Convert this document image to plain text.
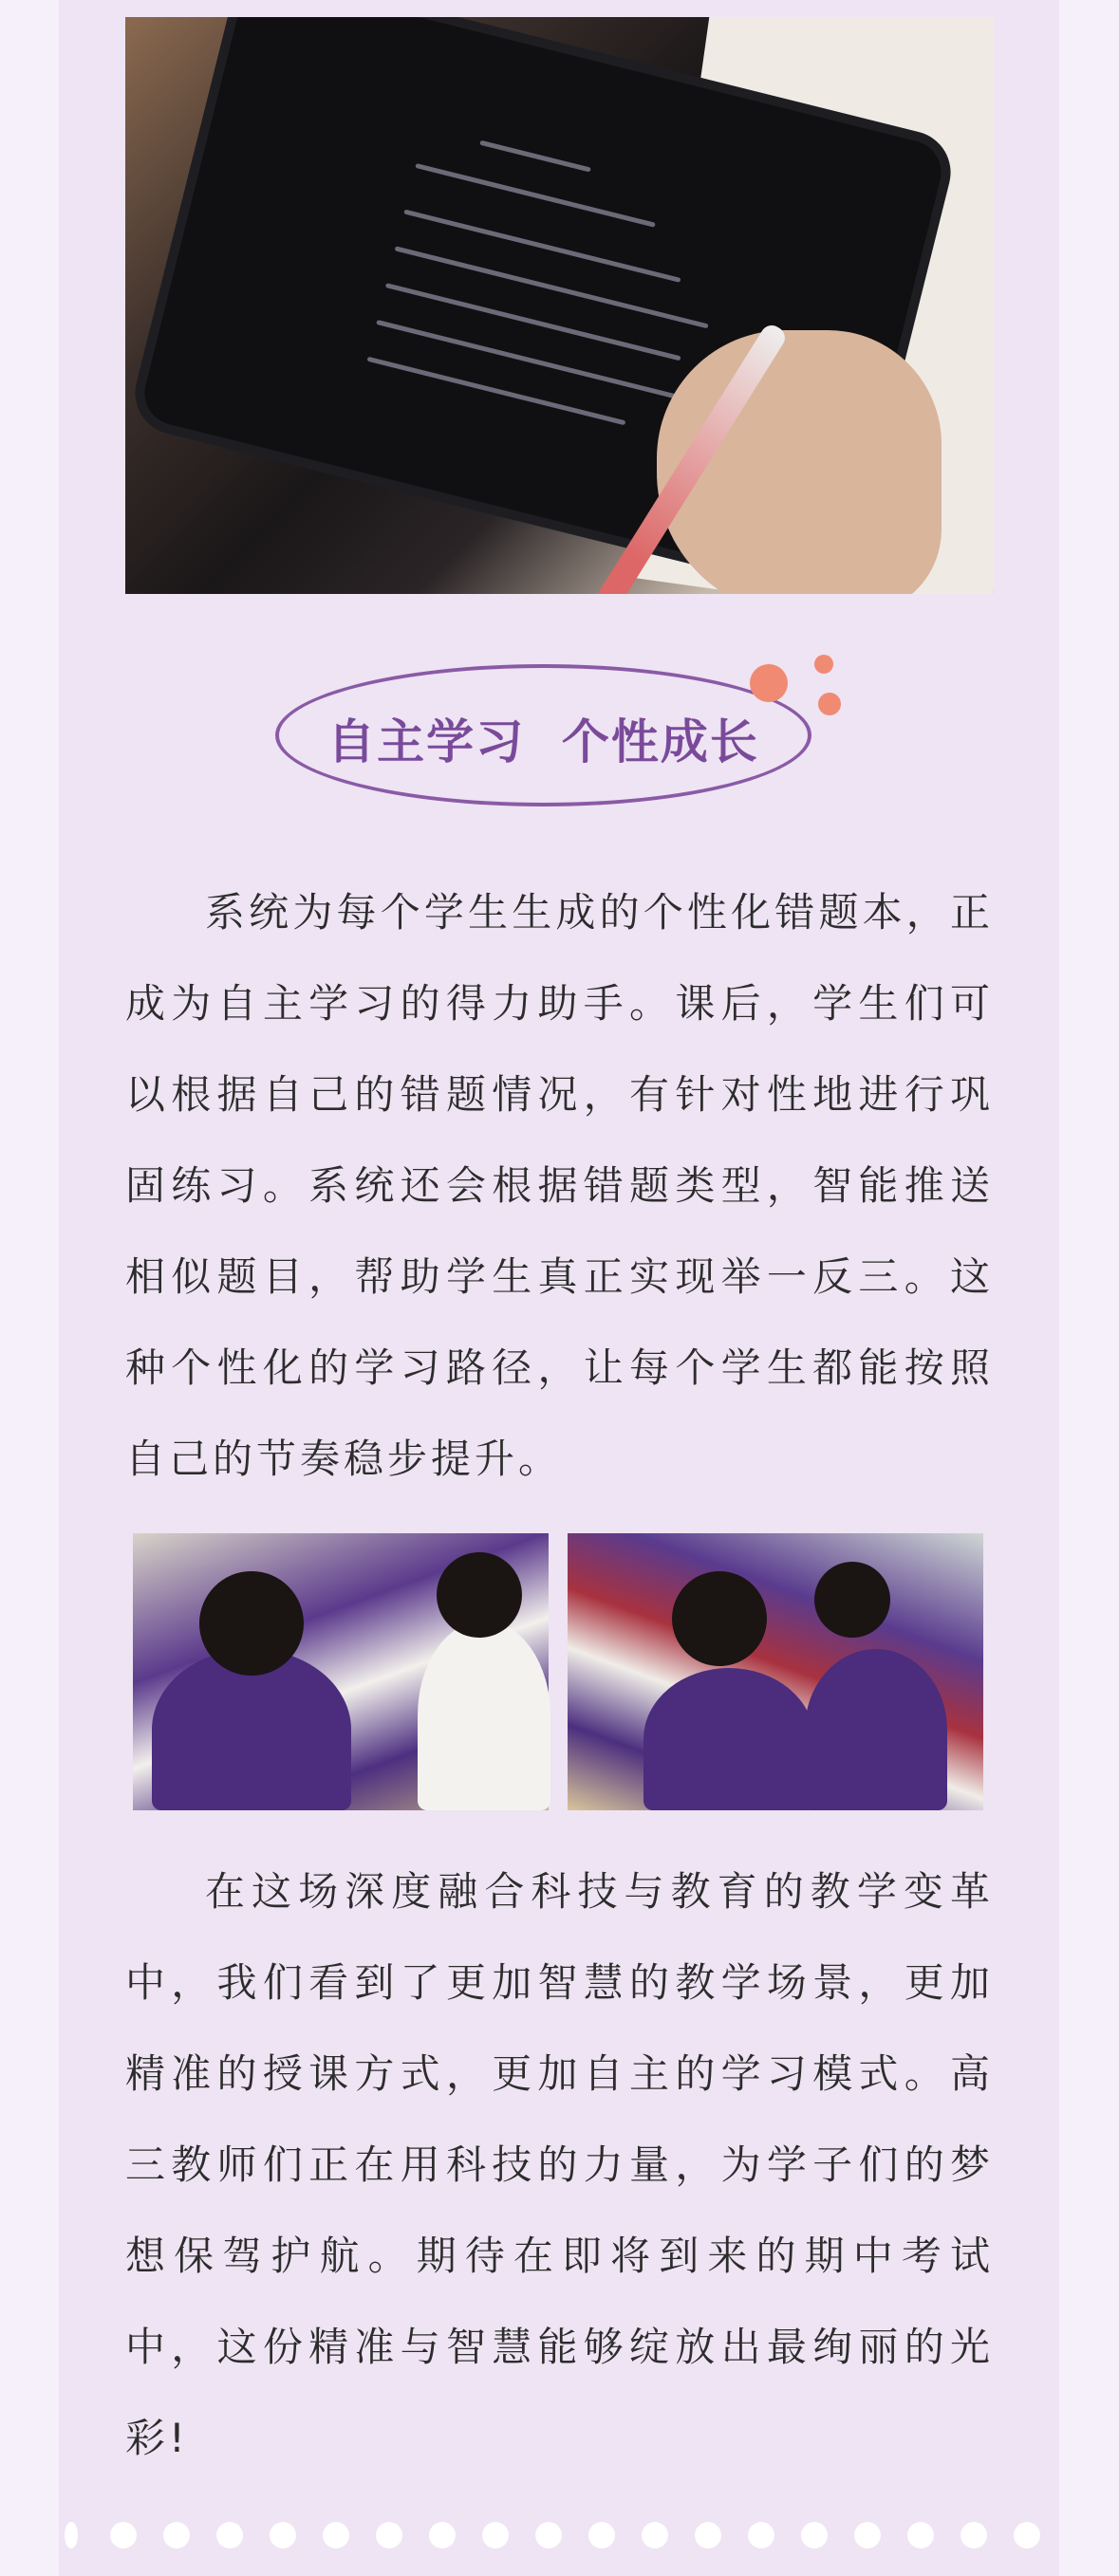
自主学习  个性成长
系统为每个学生生成的个性化错题本，正成为自主学习的得力助手。课后，学生们可以根据自己的错题情况，有针对性地进行巩固练习。系统还会根据错题类型，智能推送相似题目，帮助学生真正实现举一反三。这种个性化的学习路径，让每个学生都能按照自己的节奏稳步提升。
在这场深度融合科技与教育的教学变革中，我们看到了更加智慧的教学场景，更加精准的授课方式，更加自主的学习模式。高三教师们正在用科技的力量，为学子们的梦想保驾护航。期待在即将到来的期中考试中，这份精准与智慧能够绽放出最绚丽的光彩!
